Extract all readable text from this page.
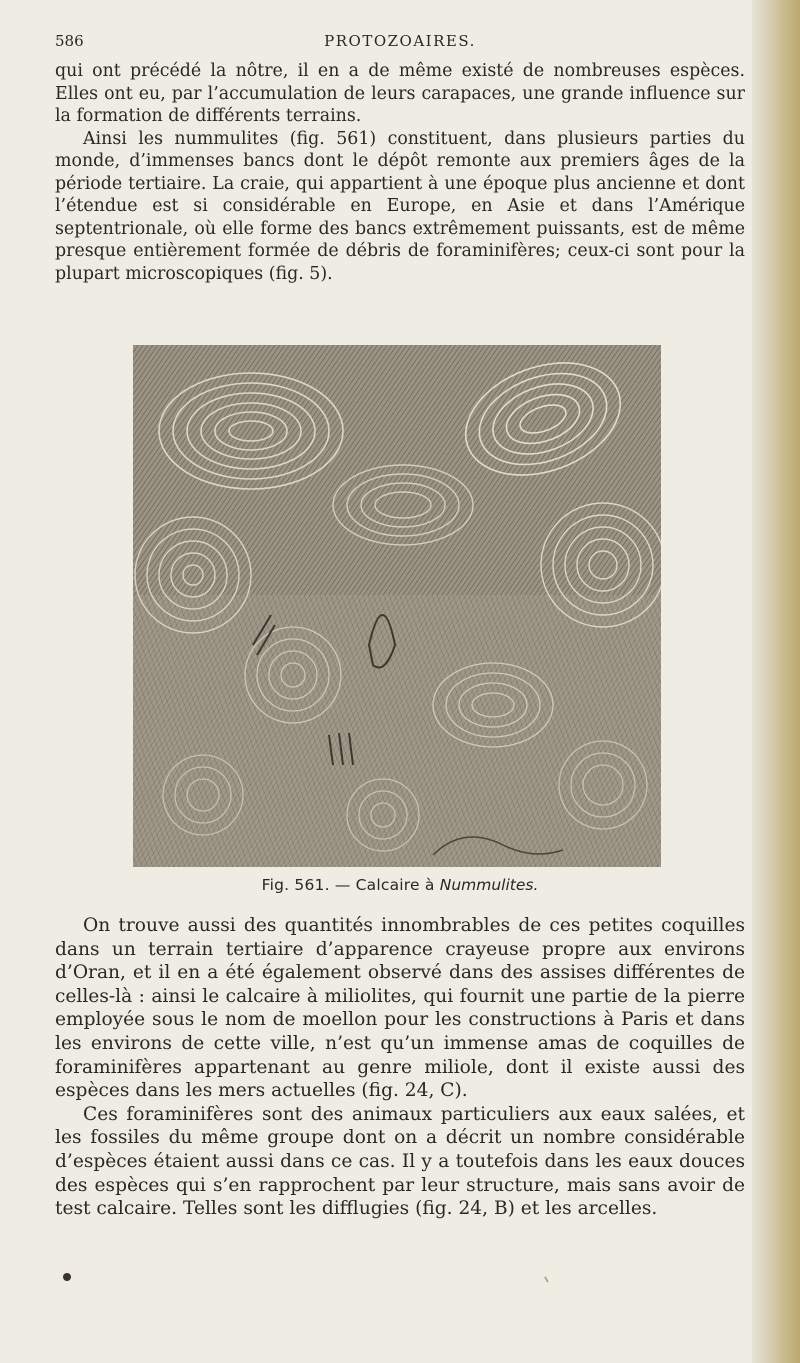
586	PROTOZOAIRES.

qui ont précédé la nôtre, il en a de même existé de nombreuses espèces. Elles ont eu, par l’accumulation de leurs carapaces, une grande influence sur la formation de différents terrains.

Ainsi les nummulites (fig. 561) constituent, dans plusieurs parties du monde, d’immenses bancs dont le dépôt remonte aux premiers âges de la période tertiaire. La craie, qui appartient à une époque plus ancienne et dont l’étendue est si considérable en Europe, en Asie et dans l’Amérique septentrionale, où elle forme des bancs extrêmement puissants, est de même presque entièrement formée de débris de foraminifères; ceux-ci sont pour la plupart microscopiques (fig. 5).

Fig. 561. — Calcaire à Nummulites.

On trouve aussi des quantités innombrables de ces petites coquilles dans un terrain tertiaire d’apparence crayeuse propre aux environs d’Oran, et il en a été également observé dans des assises différentes de celles-là : ainsi le calcaire à miliolites, qui fournit une partie de la pierre employée sous le nom de moellon pour les constructions à Paris et dans les environs de cette ville, n’est qu’un immense amas de coquilles de foraminifères appartenant au genre miliole, dont il existe aussi des espèces dans les mers actuelles (fig. 24, C).

Ces foraminifères sont des animaux particuliers aux eaux salées, et les fossiles du même groupe dont on a décrit un nombre considérable d’espèces étaient aussi dans ce cas. Il y a toutefois dans les eaux douces des espèces qui s’en rapprochent par leur structure, mais sans avoir de test calcaire. Telles sont les difflugies (fig. 24, B) et les arcelles.
